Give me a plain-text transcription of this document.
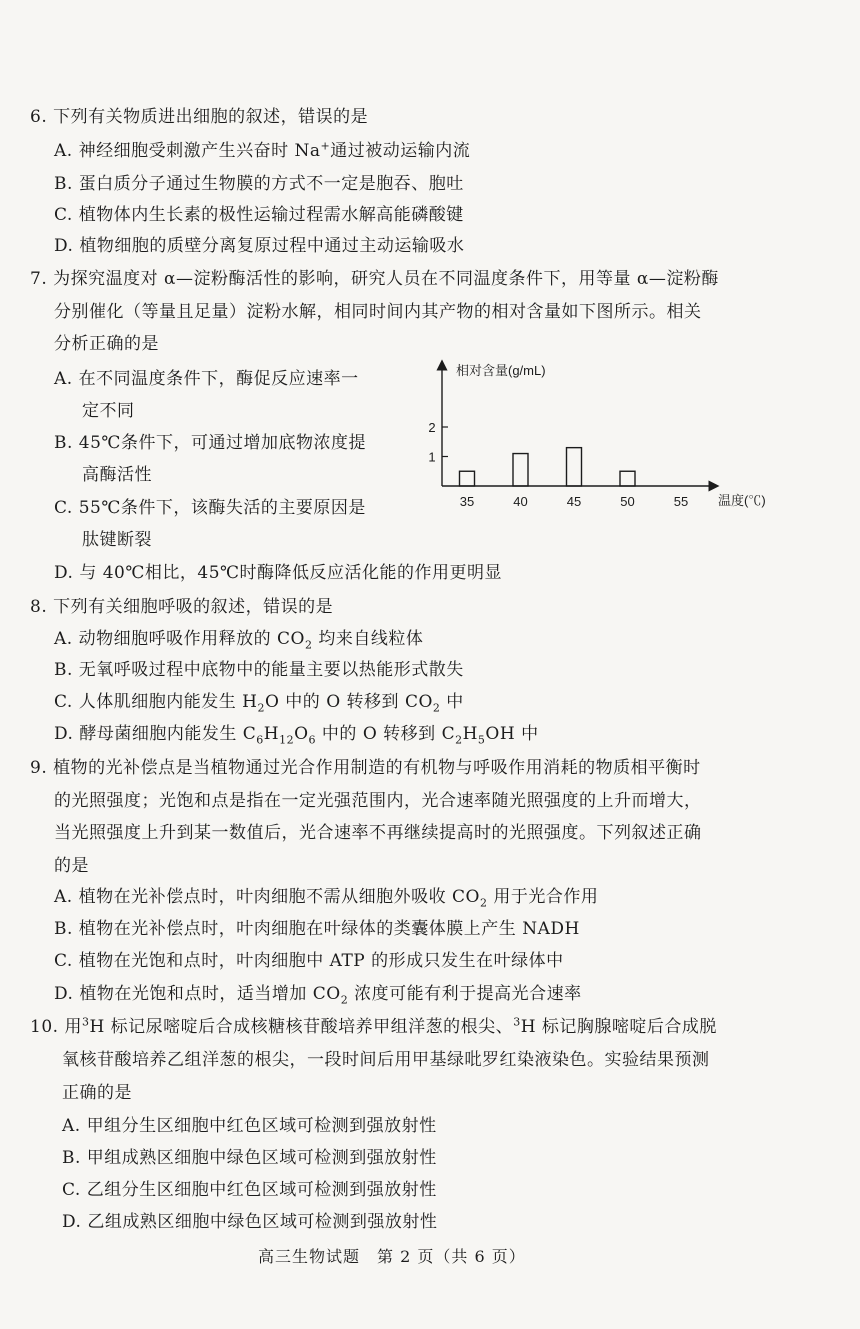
6. 下列有关物质进出细胞的叙述，错误的是
A. 神经细胞受刺激产生兴奋时 Na+通过被动运输内流
B. 蛋白质分子通过生物膜的方式不一定是胞吞、胞吐
C. 植物体内生长素的极性运输过程需水解高能磷酸键
D. 植物细胞的质壁分离复原过程中通过主动运输吸水
7. 为探究温度对 α—淀粉酶活性的影响，研究人员在不同温度条件下，用等量 α—淀粉酶
分别催化（等量且足量）淀粉水解，相同时间内其产物的相对含量如下图所示。相关
分析正确的是
A. 在不同温度条件下，酶促反应速率一
定不同
B. 45℃条件下，可通过增加底物浓度提
高酶活性
C. 55℃条件下，该酶失活的主要原因是
肽键断裂
D. 与 40℃相比，45℃时酶降低反应活化能的作用更明显
相对含量(g/mL)
温度(℃)
1
2
35	40	45	50	55
8. 下列有关细胞呼吸的叙述，错误的是
A. 动物细胞呼吸作用释放的 $CO_2$ 均来自线粒体
B. 无氧呼吸过程中底物中的能量主要以热能形式散失
C. 人体肌细胞内能发生 $H_2O$ 中的 O 转移到 $CO_2$ 中
D. 酵母菌细胞内能发生 $C_6H_{12}O_6$ 中的 O 转移到 $C_2H_5OH$ 中
9. 植物的光补偿点是当植物通过光合作用制造的有机物与呼吸作用消耗的物质相平衡时
的光照强度；光饱和点是指在一定光强范围内，光合速率随光照强度的上升而增大，
当光照强度上升到某一数值后，光合速率不再继续提高时的光照强度。下列叙述正确
的是
A. 植物在光补偿点时，叶肉细胞不需从细胞外吸收 $CO_2$ 用于光合作用
B. 植物在光补偿点时，叶肉细胞在叶绿体的类囊体膜上产生 NADH
C. 植物在光饱和点时，叶肉细胞中 ATP 的形成只发生在叶绿体中
D. 植物在光饱和点时，适当增加 $CO_2$ 浓度可能有利于提高光合速率
10. 用$^3$H 标记尿嘧啶后合成核糖核苷酸培养甲组洋葱的根尖、$^3$H 标记胸腺嘧啶后合成脱
氧核苷酸培养乙组洋葱的根尖，一段时间后用甲基绿吡罗红染液染色。实验结果预测
正确的是
A. 甲组分生区细胞中红色区域可检测到强放射性
B. 甲组成熟区细胞中绿色区域可检测到强放射性
C. 乙组分生区细胞中红色区域可检测到强放射性
D. 乙组成熟区细胞中绿色区域可检测到强放射性
高三生物试题　第 2 页（共 6 页）
